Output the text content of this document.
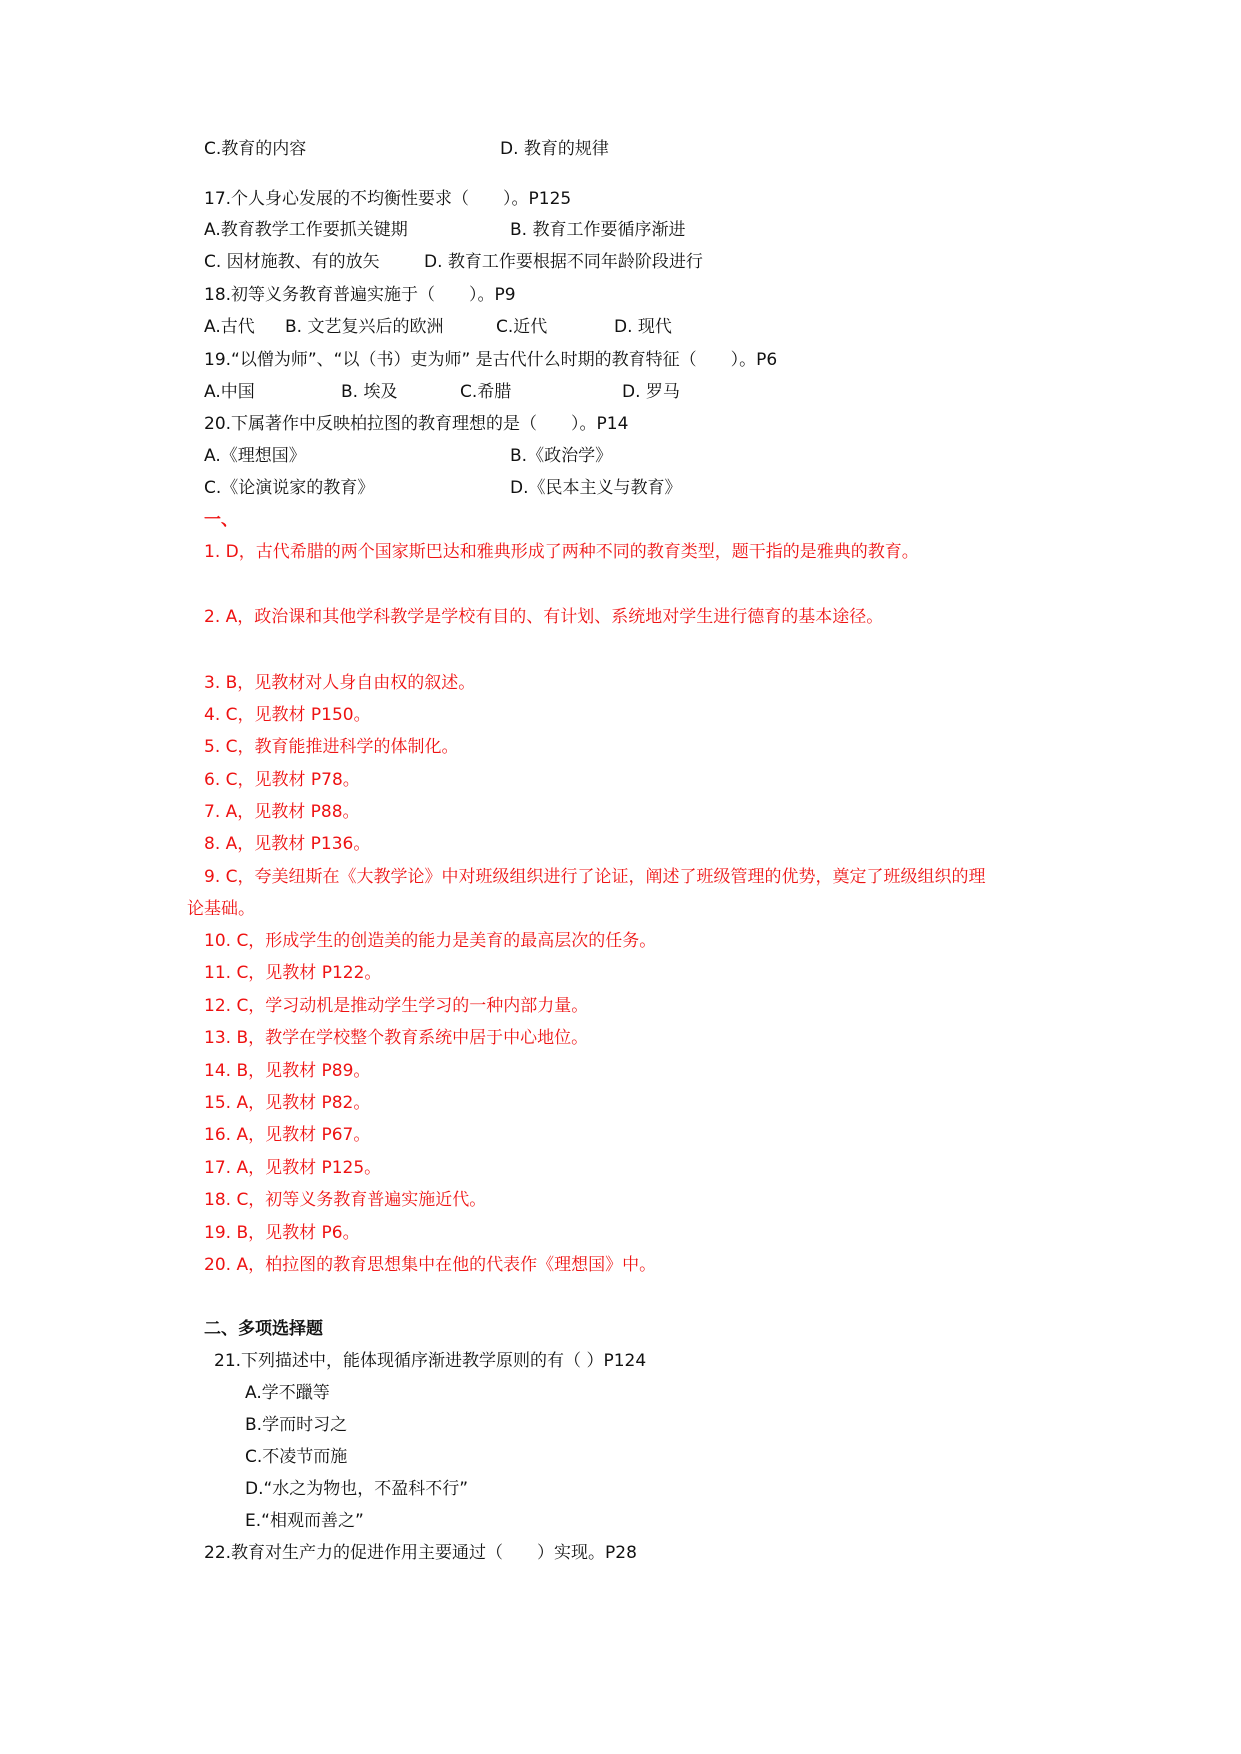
C.教育的内容	D. 教育的规律
17.个人身心发展的不均衡性要求（　　）。P125
A.教育教学工作要抓关键期	B. 教育工作要循序渐进
C. 因材施教、有的放矢	D. 教育工作要根据不同年龄阶段进行
18.初等义务教育普遍实施于（　　）。P9
A.古代 B. 文艺复兴后的欧洲	C.近代	D. 现代
19.“以僧为师”、“以（书）吏为师” 是古代什么时期的教育特征（　　）。P6
A.中国	B. 埃及	C.希腊	D. 罗马
20.下属著作中反映柏拉图的教育理想的是（　　）。P14
A.《理想国》	B.《政治学》
C.《论演说家的教育》	D.《民本主义与教育》
一、
1. D，古代希腊的两个国家斯巴达和雅典形成了两种不同的教育类型，题干指的是雅典的教育。
2. A，政治课和其他学科教学是学校有目的、有计划、系统地对学生进行德育的基本途径。
3. B，见教材对人身自由权的叙述。
4. C，见教材 P150。
5. C，教育能推进科学的体制化。
6. C，见教材 P78。
7. A，见教材 P88。
8. A，见教材 P136。
9. C，夸美纽斯在《大教学论》中对班级组织进行了论证，阐述了班级管理的优势，奠定了班级组织的理
论基础。
10. C，形成学生的创造美的能力是美育的最高层次的任务。
11. C，见教材 P122。
12. C，学习动机是推动学生学习的一种内部力量。
13. B，教学在学校整个教育系统中居于中心地位。
14. B，见教材 P89。
15. A，见教材 P82。
16. A，见教材 P67。
17. A，见教材 P125。
18. C，初等义务教育普遍实施近代。
19. B，见教材 P6。
20. A，柏拉图的教育思想集中在他的代表作《理想国》中。
二、多项选择题
21.下列描述中，能体现循序渐进教学原则的有（ ）P124
A.学不躐等
B.学而时习之
C.不凌节而施
D.“水之为物也，不盈科不行”
E.“相观而善之”
22.教育对生产力的促进作用主要通过（　　）实现。P28
